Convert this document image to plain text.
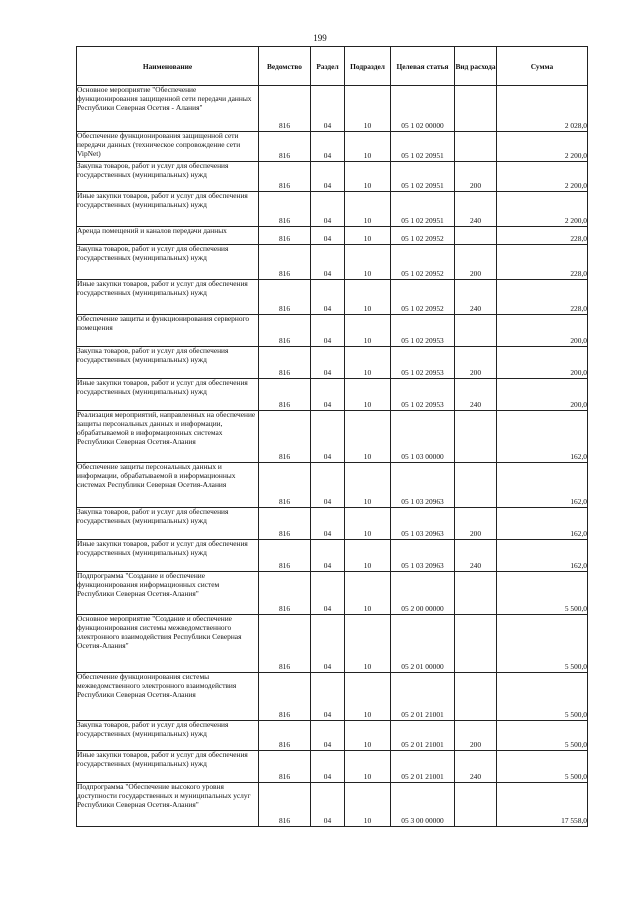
199
Наименование	Ведомство	Раздел	Подраздел	Целевая статья	Вид расхода	Сумма
Основное мероприятие "Обеспечение функционирования защищенной сети передачи данных Республики Северная Осетия - Алания"	816	04	10	05 1 02 00000		2 028,0
Обеспечение функционирования защищенной сети передачи данных (техническое сопровождение сети VipNet)	816	04	10	05 1 02 20951		2 200,0
Закупка товаров, работ и услуг для обеспечения государственных (муниципальных) нужд	816	04	10	05 1 02 20951	200	2 200,0
Иные закупки товаров, работ и услуг для обеспечения государственных (муниципальных) нужд	816	04	10	05 1 02 20951	240	2 200,0
Аренда помещений и каналов передачи данных	816	04	10	05 1 02 20952		228,0
Закупка товаров, работ и услуг для обеспечения государственных (муниципальных) нужд	816	04	10	05 1 02 20952	200	228,0
Иные закупки товаров, работ и услуг для обеспечения государственных (муниципальных) нужд	816	04	10	05 1 02 20952	240	228,0
Обеспечение защиты и функционирования серверного помещения	816	04	10	05 1 02 20953		200,0
Закупка товаров, работ и услуг для обеспечения государственных (муниципальных) нужд	816	04	10	05 1 02 20953	200	200,0
Иные закупки товаров, работ и услуг для обеспечения государственных (муниципальных) нужд	816	04	10	05 1 02 20953	240	200,0
Реализация мероприятий, направленных на обеспечение защиты персональных данных и информации, обрабатываемой в информационных системах Республики Северная Осетия-Алания	816	04	10	05 1 03 00000		162,0
Обеспечение защиты персональных данных и информации, обрабатываемой в информационных системах Республики Северная Осетия-Алания	816	04	10	05 1 03 20963		162,0
Закупка товаров, работ и услуг для обеспечения государственных (муниципальных) нужд	816	04	10	05 1 03 20963	200	162,0
Иные закупки товаров, работ и услуг для обеспечения государственных (муниципальных) нужд	816	04	10	05 1 03 20963	240	162,0
Подпрограмма "Создание и обеспечение функционирования информационных систем Республики Северная Осетия-Алания"	816	04	10	05 2 00 00000		5 500,0
Основное мероприятие "Создание и обеспечение функционирования системы межведомственного электронного взаимодействия Республики Северная Осетия-Алания"	816	04	10	05 2 01 00000		5 500,0
Обеспечение функционирования системы межведомственного электронного взаимодействия Республики Северная Осетия-Алания	816	04	10	05 2 01 21001		5 500,0
Закупка товаров, работ и услуг для обеспечения государственных (муниципальных) нужд	816	04	10	05 2 01 21001	200	5 500,0
Иные закупки товаров, работ и услуг для обеспечения государственных (муниципальных) нужд	816	04	10	05 2 01 21001	240	5 500,0
Подпрограмма "Обеспечение высокого уровня доступности государственных и муниципальных услуг Республики Северная Осетия-Алания"	816	04	10	05 3 00 00000		17 558,0
